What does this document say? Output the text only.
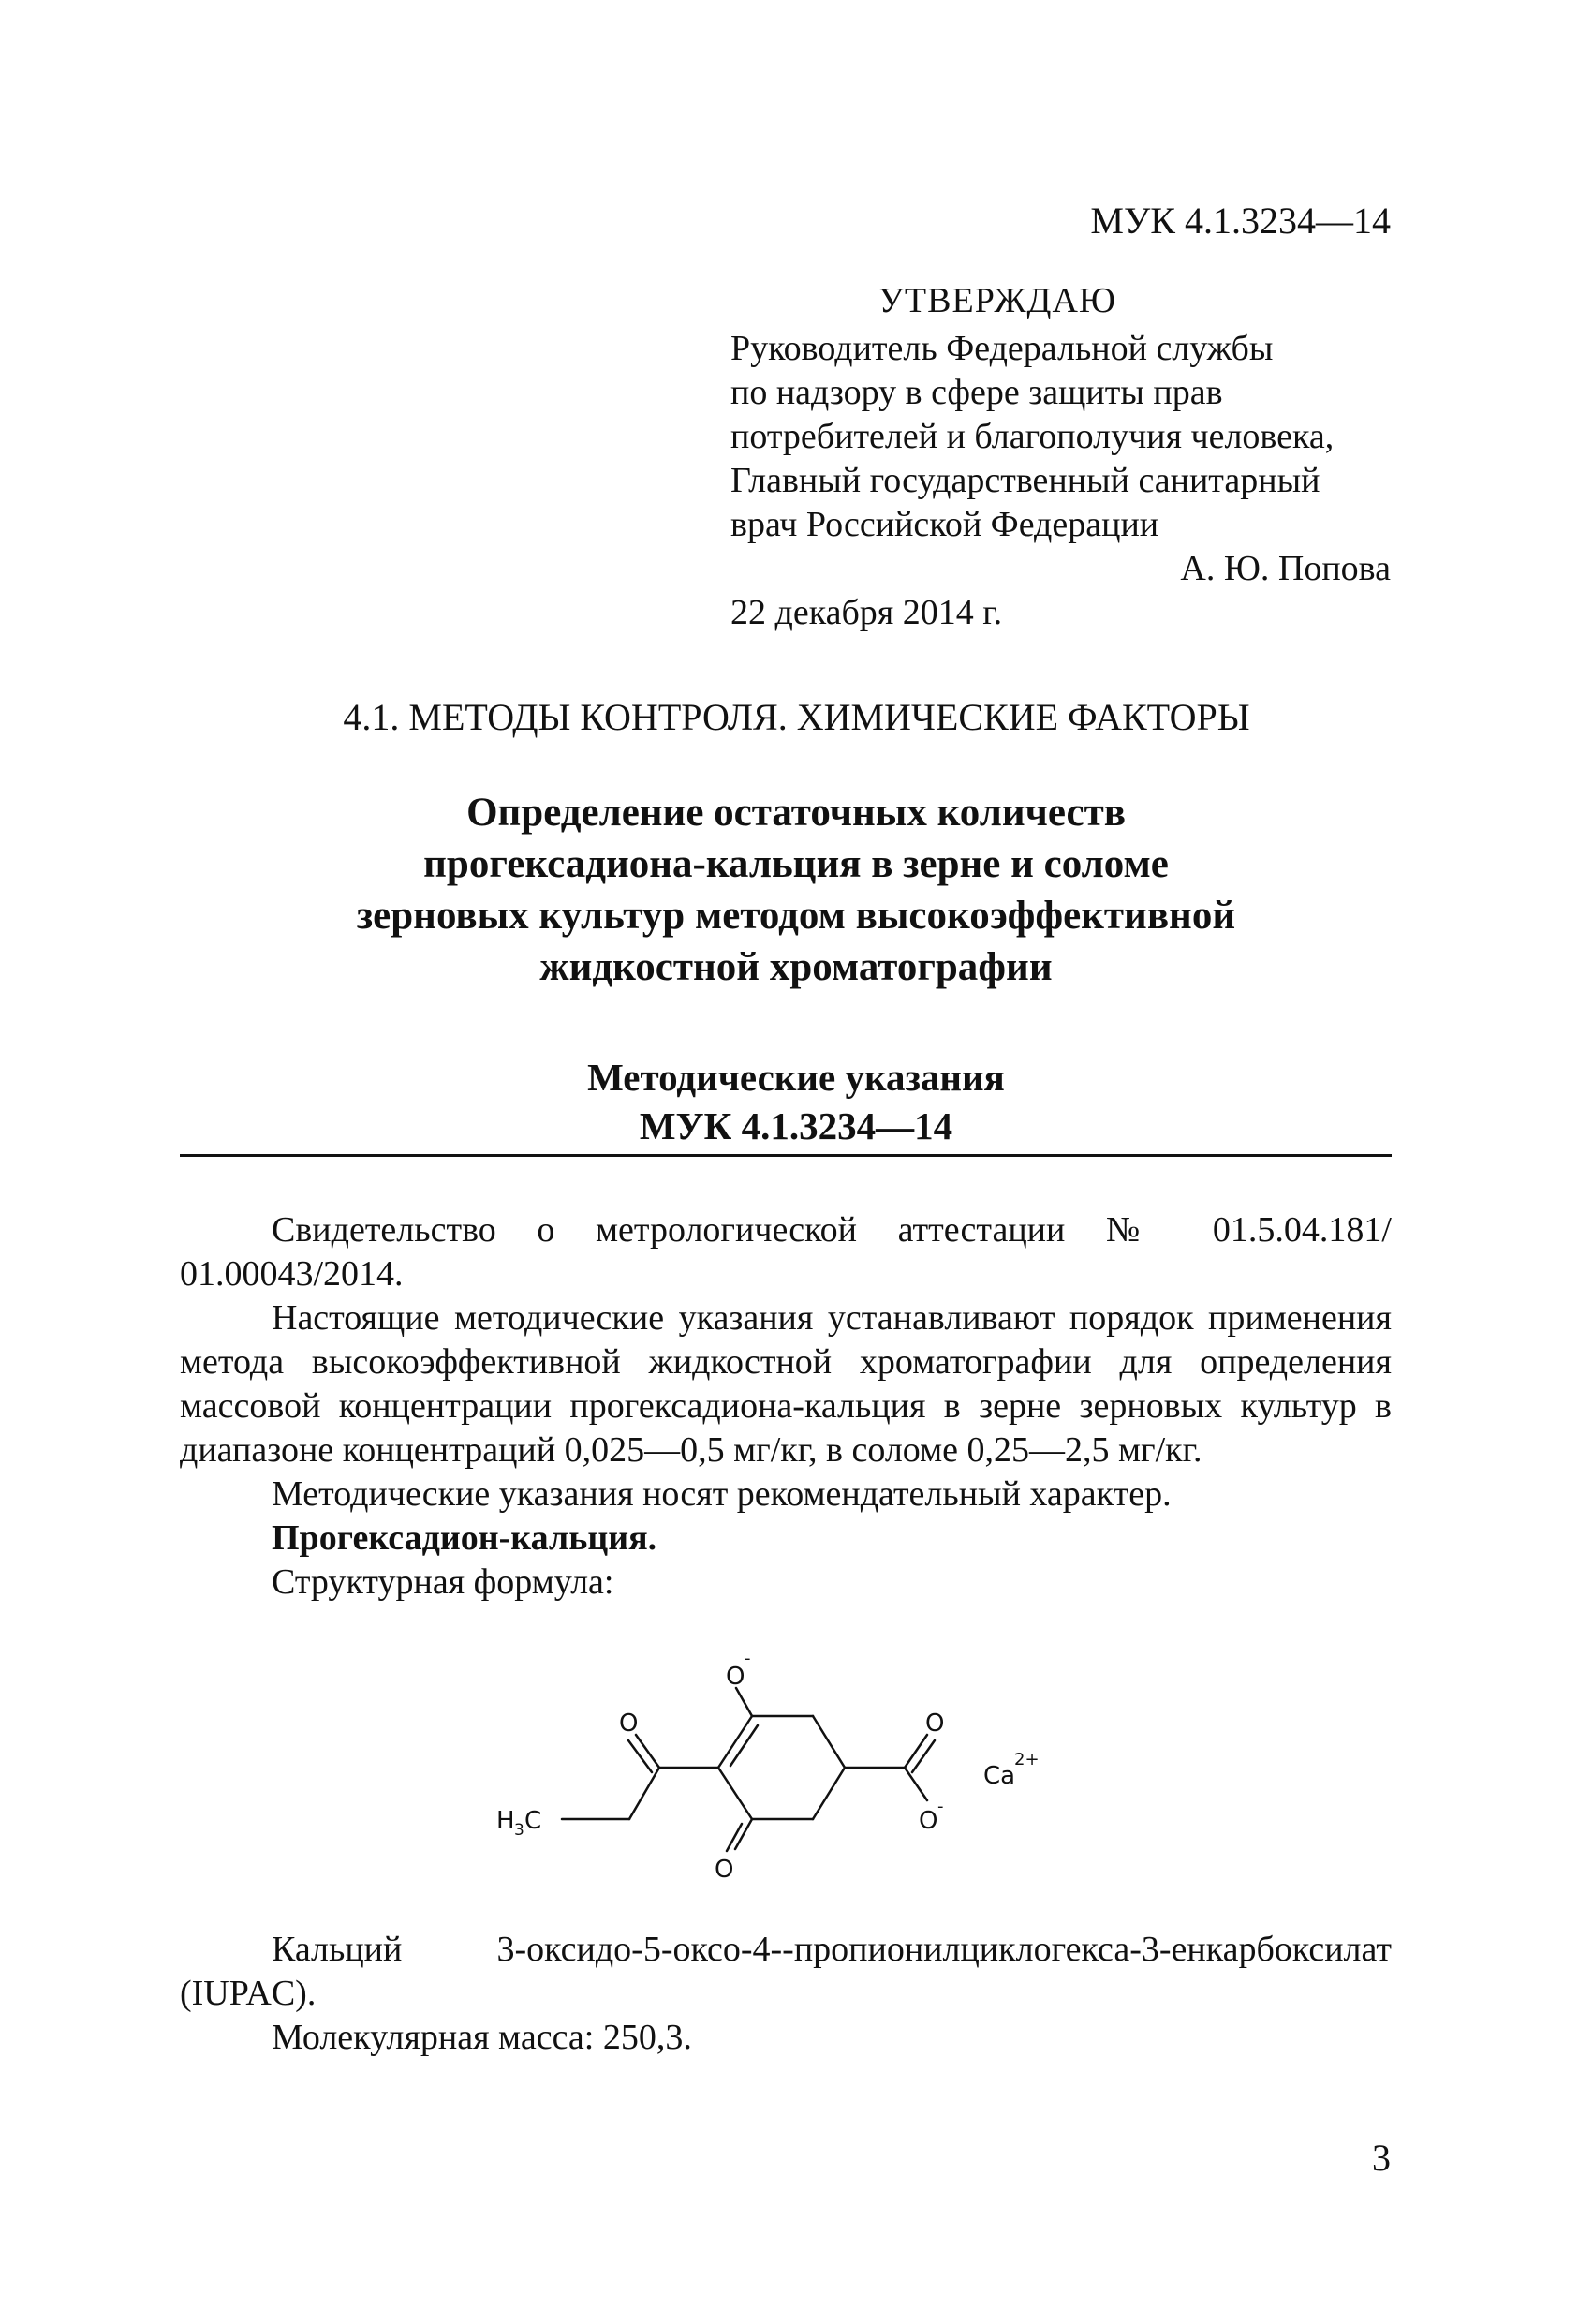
МУК 4.1.3234—14
УТВЕРЖДАЮ
Руководитель Федеральной службы
по надзору в сфере защиты прав
потребителей и благополучия человека,
Главный государственный санитарный
врач Российской Федерации
А. Ю. Попова
22 декабря 2014 г.
4.1. МЕТОДЫ КОНТРОЛЯ. ХИМИЧЕСКИЕ ФАКТОРЫ
Определение остаточных количеств
прогексадиона-кальция в зерне и соломе
зерновых культур методом высокоэффективной
жидкостной хроматографии
Методические указания
МУК 4.1.3234—14

Свидетельство о метрологической аттестации № 01.5.04.181/ 01.00043/2014.

Настоящие методические указания устанавливают порядок применения метода высокоэффективной жидкостной хроматографии для определения массовой концентрации прогексадиона-кальция в зерне зерновых культур в диапазоне концентраций 0,025—0,5 мг/кг, в соломе 0,25—2,5 мг/кг.

Методические указания носят рекомендательный характер.

Прогексадион-кальция.

Структурная формула:

O
-
O	O
O
-
O
H 3 C
Ca
2+

Кальций 3-оксидо-5-оксо-4--пропионилциклогекса-3-енкарбоксилат (IUPAC).

Молекулярная масса: 250,3.

3
